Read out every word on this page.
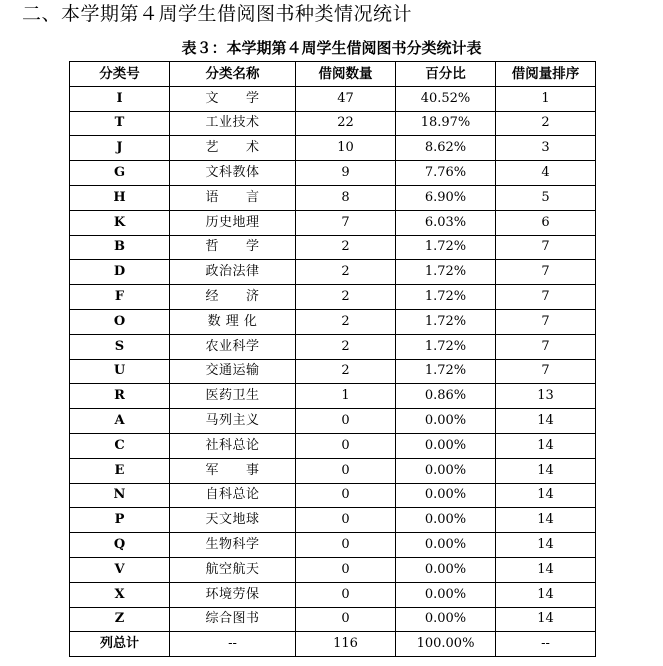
二、本学期第４周学生借阅图书种类情况统计
表３：本学期第４周学生借阅图书分类统计表
分类号	分类名称	借阅数量	百分比	借阅量排序
I	文　　学	47	40.52%	1
T	工业技术	22	18.97%	2
J	艺　　术	10	8.62%	3
G	文科教体	9	7.76%	4
H	语　　言	8	6.90%	5
K	历史地理	7	6.03%	6
B	哲　　学	2	1.72%	7
D	政治法律	2	1.72%	7
F	经　　济	2	1.72%	7
O	数 理 化	2	1.72%	7
S	农业科学	2	1.72%	7
U	交通运输	2	1.72%	7
R	医药卫生	1	0.86%	13
A	马列主义	0	0.00%	14
C	社科总论	0	0.00%	14
E	军　　事	0	0.00%	14
N	自科总论	0	0.00%	14
P	天文地球	0	0.00%	14
Q	生物科学	0	0.00%	14
V	航空航天	0	0.00%	14
X	环境劳保	0	0.00%	14
Z	综合图书	0	0.00%	14
列总计	--	116	100.00%	--
